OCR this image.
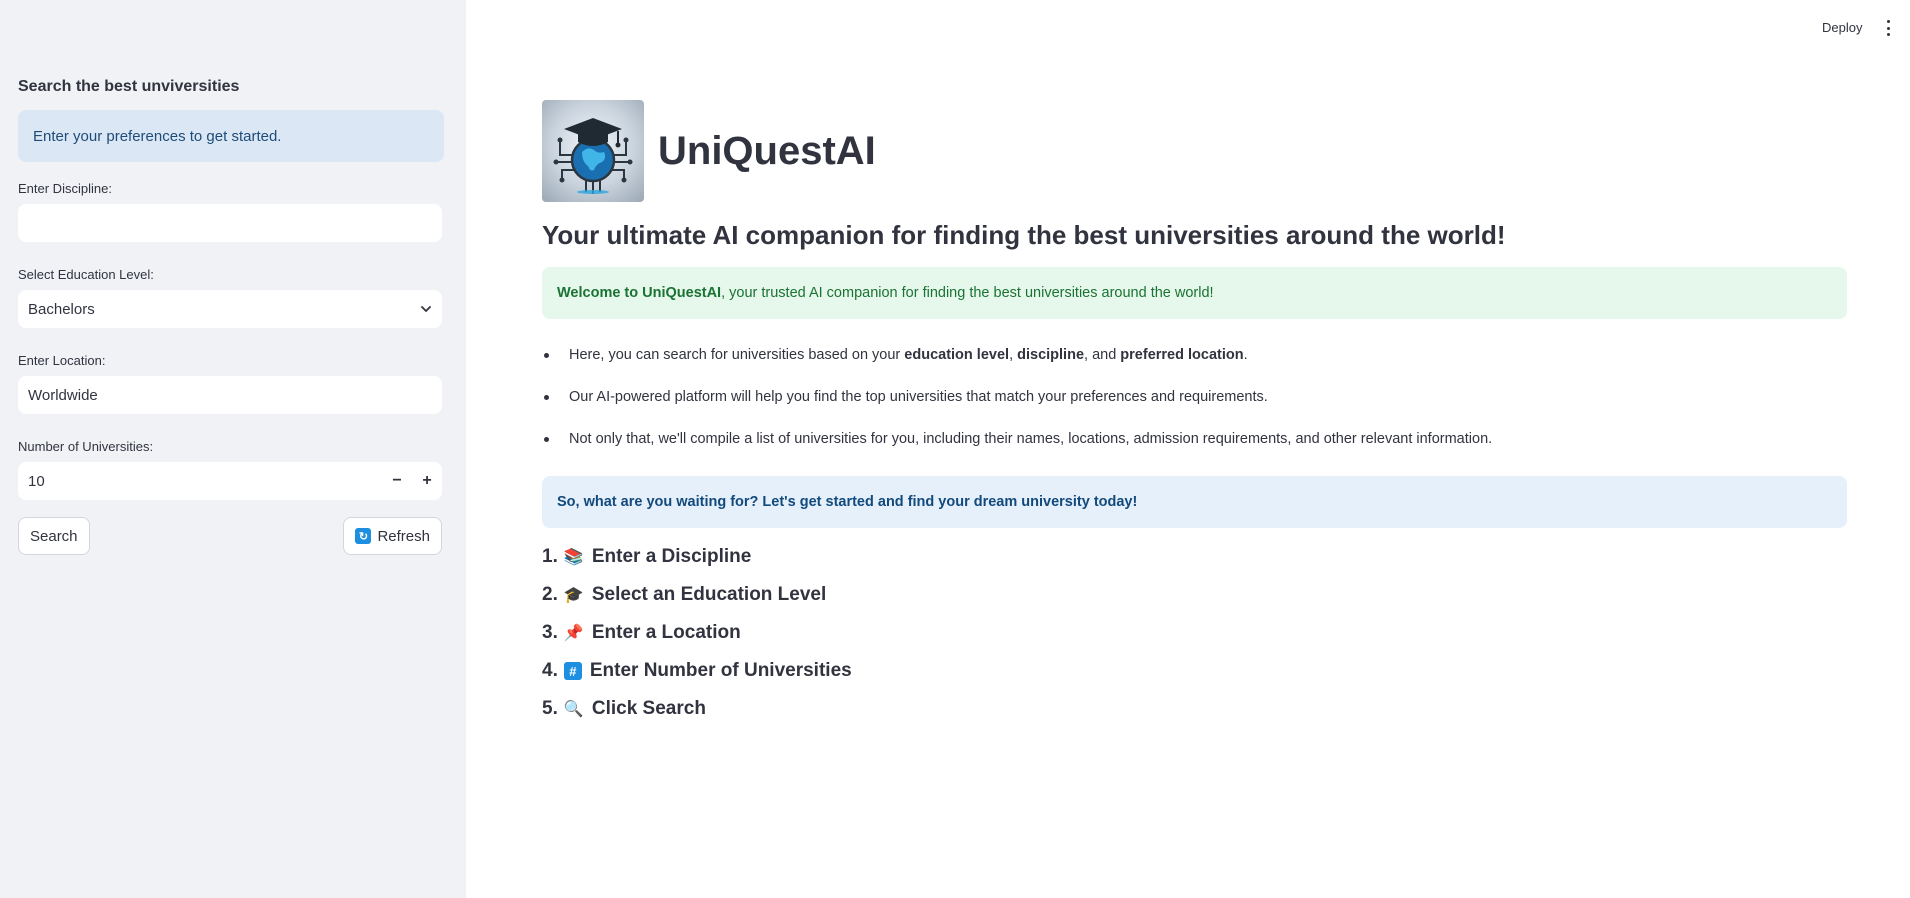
Search the best unviversities
Enter your preferences to get started.
Enter Discipline:
Select Education Level:
Bachelors
Enter Location:
Worldwide
Number of Universities:
10	−	+
Search	↻ Refresh
Deploy
UniQuestAI
Your ultimate AI companion for finding the best universities around the world!
Welcome to UniQuestAI, your trusted AI companion for finding the best universities around the world!
Here, you can search for universities based on your education level, discipline, and preferred location.
Our AI-powered platform will help you find the top universities that match your preferences and requirements.
Not only that, we'll compile a list of universities for you, including their names, locations, admission requirements, and other relevant information.
So, what are you waiting for? Let's get started and find your dream university today!
1. 📚 Enter a Discipline
2. 🎓 Select an Education Level
3. 📌 Enter a Location
4. # Enter Number of Universities
5. 🔍 Click Search
